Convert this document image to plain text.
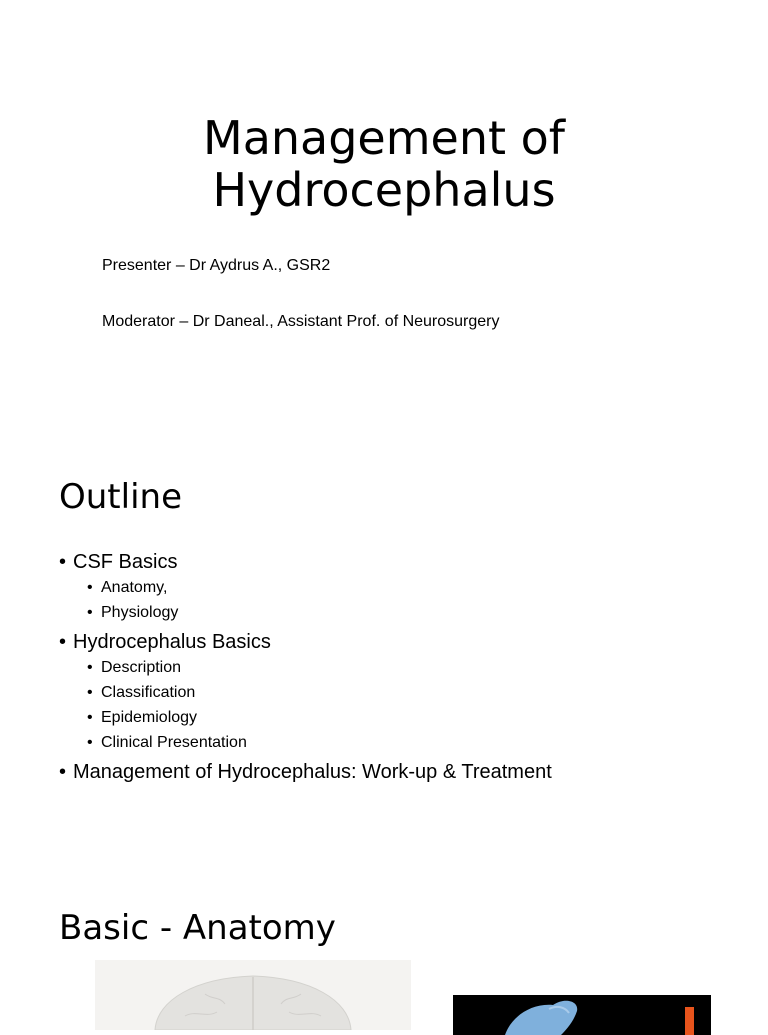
Management of
Hydrocephalus

Presenter – Dr Aydrus A., GSR2

Moderator – Dr Daneal., Assistant Prof. of Neurosurgery

Outline
• CSF Basics
• Anatomy,
• Physiology
• Hydrocephalus Basics
• Description
• Classification
• Epidemiology
• Clinical Presentation
• Management of Hydrocephalus: Work-up & Treatment
Basic - Anatomy
